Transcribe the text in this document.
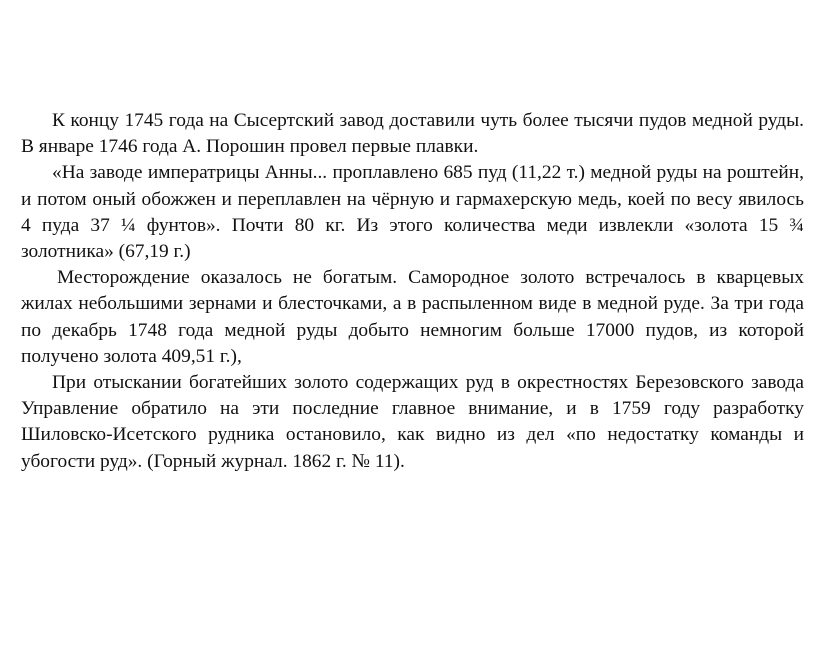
К концу 1745 года на Сысертский завод доставили чуть более тысячи пудов медной руды. В январе 1746 года А. Порошин провел первые плавки.

«На заводе императрицы Анны... проплавлено 685 пуд (11,22 т.) медной руды на роштейн, и потом оный обожжен и переплавлен на чёрную и гармахерскую медь, коей по весу явилось 4 пуда 37 ¼ фунтов». Почти 80 кг. Из этого количества меди извлекли «золота 15 ¾ золотника» (67,19 г.)

Месторождение оказалось не богатым. Самородное золото встречалось в кварцевых жилах небольшими зернами и блесточками, а в распыленном виде в медной руде. За три года по декабрь 1748 года медной руды добыто немногим больше 17000 пудов, из которой получено золота 409,51 г.),

При отыскании богатейших золото содержащих руд в окрестностях Березовского завода Управление обратило на эти последние главное внимание, и в 1759 году разработку Шиловско-Исетского рудника остановило, как видно из дел «по недостатку команды и убогости руд». (Горный журнал. 1862 г. № 11).
